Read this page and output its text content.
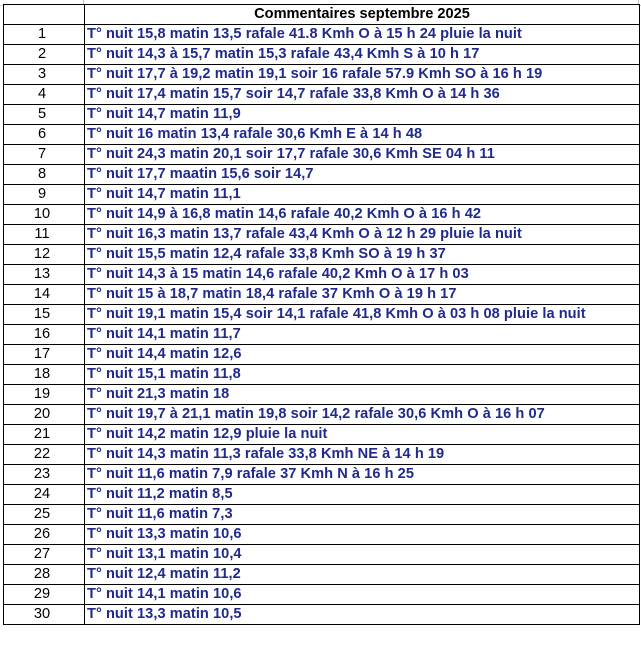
	Commentaires septembre 2025
1	T° nuit 15,8 matin 13,5 rafale 41.8 Kmh O à 15 h 24 pluie la nuit
2	T° nuit 14,3 à 15,7 matin 15,3 rafale 43,4 Kmh S à 10 h 17
3	T° nuit 17,7 à 19,2 matin 19,1 soir 16 rafale 57.9 Kmh SO à 16 h 19
4	T° nuit 17,4 matin 15,7 soir 14,7 rafale 33,8 Kmh O à 14 h 36
5	T° nuit 14,7 matin 11,9
6	T° nuit 16 matin 13,4 rafale 30,6 Kmh E à 14 h 48
7	T° nuit 24,3 matin 20,1 soir 17,7 rafale 30,6 Kmh SE 04 h 11
8	T° nuit 17,7 maatin 15,6 soir 14,7
9	T° nuit 14,7 matin 11,1
10	T° nuit 14,9 à 16,8 matin 14,6 rafale 40,2 Kmh O à 16 h 42
11	T° nuit 16,3 matin 13,7 rafale 43,4 Kmh O à 12 h 29 pluie la nuit
12	T° nuit 15,5 matin 12,4 rafale 33,8 Kmh SO à 19 h 37
13	T° nuit 14,3 à 15 matin 14,6 rafale 40,2 Kmh O à 17 h 03
14	T° nuit 15 à 18,7 matin 18,4 rafale 37 Kmh O à 19 h 17
15	T° nuit 19,1 matin 15,4 soir 14,1 rafale 41,8 Kmh O à 03 h 08 pluie la nuit
16	T° nuit 14,1 matin 11,7
17	T° nuit 14,4 matin 12,6
18	T° nuit 15,1 matin 11,8
19	T° nuit 21,3 matin 18
20	T° nuit 19,7 à 21,1 matin 19,8 soir 14,2 rafale 30,6 Kmh O à 16 h 07
21	T° nuit 14,2 matin 12,9 pluie la nuit
22	T° nuit 14,3 matin 11,3 rafale 33,8 Kmh NE à 14 h 19
23	T° nuit 11,6 matin 7,9 rafale 37 Kmh N à 16 h 25
24	T° nuit 11,2 matin 8,5
25	T° nuit 11,6 matin 7,3
26	T° nuit 13,3 matin 10,6
27	T° nuit 13,1 matin 10,4
28	T° nuit 12,4 matin 11,2
29	T° nuit 14,1 matin 10,6
30	T° nuit 13,3 matin 10,5
